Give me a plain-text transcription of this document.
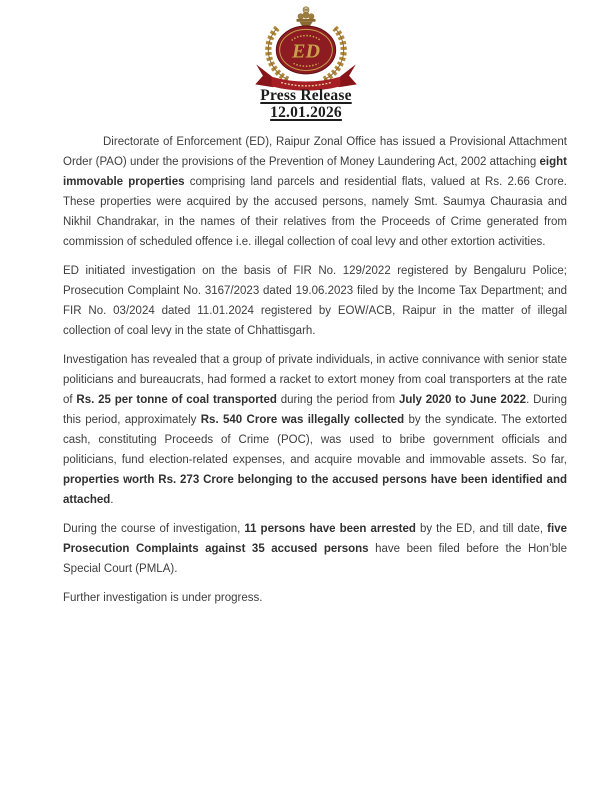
ED
Press Release
12.01.2026

Directorate of Enforcement (ED), Raipur Zonal Office has issued a Provisional Attachment Order (PAO) under the provisions of the Prevention of Money Laundering Act, 2002 attaching eight immovable properties comprising land parcels and residential flats, valued at Rs. 2.66 Crore. These properties were acquired by the accused persons, namely Smt. Saumya Chaurasia and Nikhil Chandrakar, in the names of their relatives from the Proceeds of Crime generated from commission of scheduled offence i.e. illegal collection of coal levy and other extortion activities.

ED initiated investigation on the basis of FIR No. 129/2022 registered by Bengaluru Police; Prosecution Complaint No. 3167/2023 dated 19.06.2023 filed by the Income Tax Department; and FIR No. 03/2024 dated 11.01.2024 registered by EOW/ACB, Raipur in the matter of illegal collection of coal levy in the state of Chhattisgarh.

Investigation has revealed that a group of private individuals, in active connivance with senior state politicians and bureaucrats, had formed a racket to extort money from coal transporters at the rate of Rs. 25 per tonne of coal transported during the period from July 2020 to June 2022. During this period, approximately Rs. 540 Crore was illegally collected by the syndicate. The extorted cash, constituting Proceeds of Crime (POC), was used to bribe government officials and politicians, fund election-related expenses, and acquire movable and immovable assets. So far, properties worth Rs. 273 Crore belonging to the accused persons have been identified and attached.

During the course of investigation, 11 persons have been arrested by the ED, and till date, five Prosecution Complaints against 35 accused persons have been filed before the Hon’ble Special Court (PMLA).

Further investigation is under progress.
